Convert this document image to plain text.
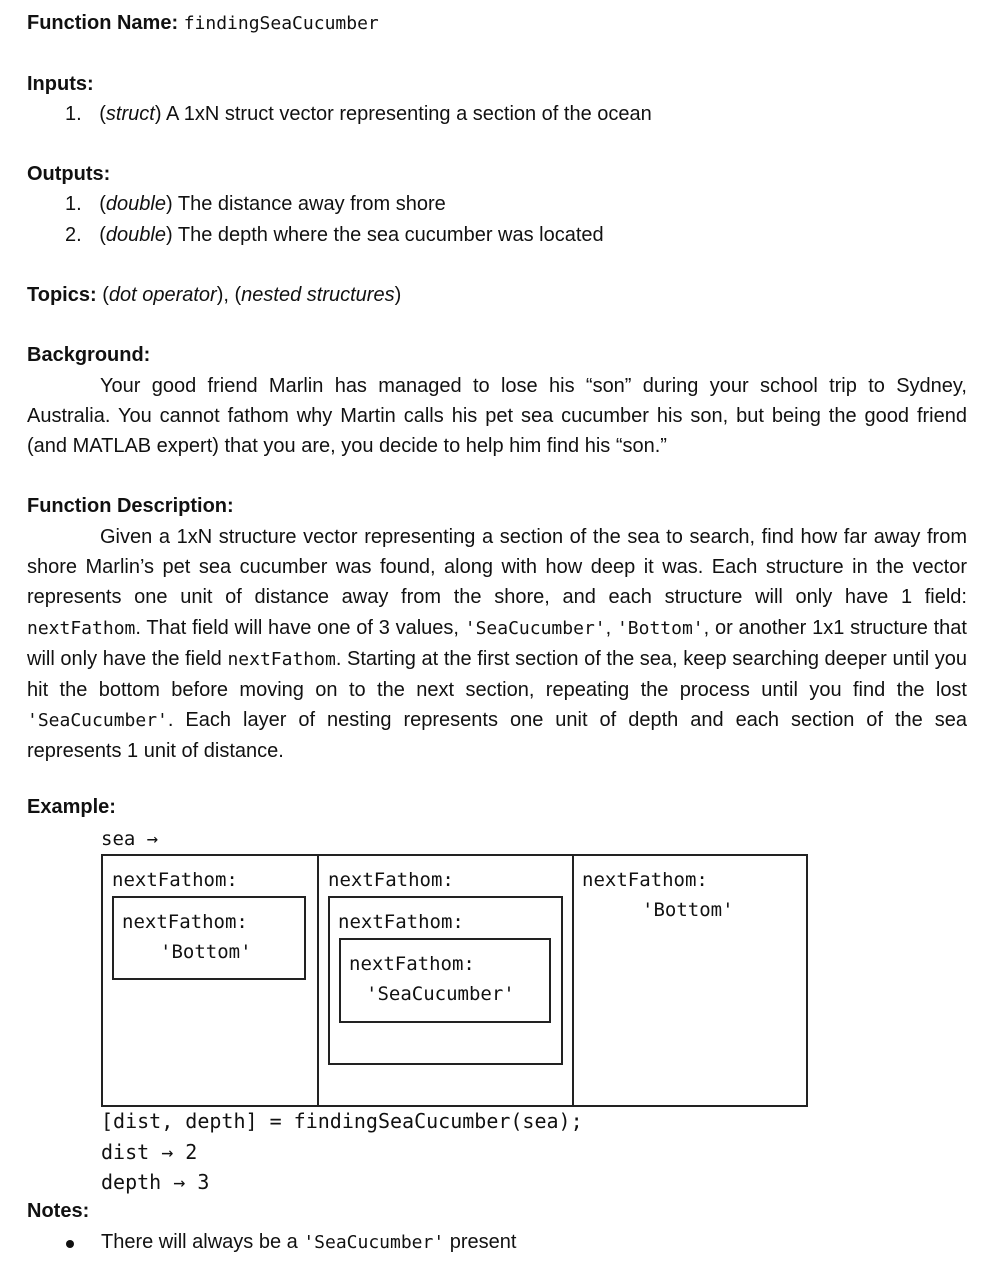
Function Name: findingSeaCucumber
Inputs:
1. (struct) A 1xN struct vector representing a section of the ocean
Outputs:
1. (double) The distance away from shore
2. (double) The depth where the sea cucumber was located
Topics: (dot operator), (nested structures)
Background:
Your good friend Marlin has managed to lose his “son” during your school trip to Sydney, Australia. You cannot fathom why Martin calls his pet sea cucumber his son, but being the good friend (and MATLAB expert) that you are, you decide to help him find his “son.”
Function Description:
Given a 1xN structure vector representing a section of the sea to search, find how far away from shore Marlin’s pet sea cucumber was found, along with how deep it was. Each structure in the vector represents one unit of distance away from the shore, and each structure will only have 1 field: nextFathom. That field will have one of 3 values, 'SeaCucumber', 'Bottom', or another 1x1 structure that will only have the field nextFathom. Starting at the first section of the sea, keep searching deeper until you hit the bottom before moving on to the next section, repeating the process until you find the lost 'SeaCucumber'. Each layer of nesting represents one unit of depth and each section of the sea represents 1 unit of distance.
Example:
sea →
nextFathom:
nextFathom:
'Bottom'
nextFathom:
nextFathom:
nextFathom:
'SeaCucumber'
nextFathom:
'Bottom'
[dist, depth] = findingSeaCucumber(sea);
dist → 2
depth → 3
Notes:
There will always be a 'SeaCucumber' present
